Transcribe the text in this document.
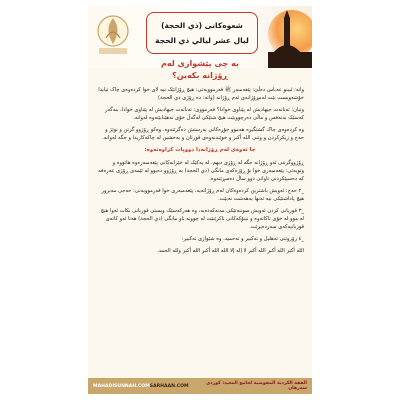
شعوەکانی (ذي الحجة)
ليال عشر ليالي ذي الحجة
بە چی پێشوازی لەم
ڕۆژانە بکەین؟

واتە: ئیبنو عەباس دەڵێ: پێغەمبەر ﷺ فەرموویەتی: هیچ ڕۆژانێک نیە لای خوا کردەوەی چاک تیایدا خۆشەویست بێت لەمڕۆژانەی ئەم ڕۆژانە (واتە: دە ڕۆژی ذي الحجة)

وتیان: تەنانەت جیهادیش لە پێناوی خوادا؟ فەرمووی: تەنانەت جیهادیش لە پێناوی خوادا، مەگەر کەسێک بەنەفس و ماڵی دەرچووبێت هیچ شتێکی لەگەڵ خۆی نەهێنابێتەوە لەوانە.

وە کردەوەی چاک گشتگیرە هەموو جۆرەکانی پەرستش دەگرێتەوە. وەکو ڕۆژوو گرتن و نوێژ و حەج و زیکرکردن و وتنی الله أکبر و خوێندنەوەی قورئان و بەخشین لە چاکەکاریدا و جگە لەوانە.

جا ئەوەی لەم ڕۆژانەدا دووپات کراوەتەوە:

ڕۆژووگرتنی ئەو ڕۆژانە جگە لە ڕۆژی دیهم. لە یەکێک لە خێزانەکانی پێغەمبەرەوە هاتووە و وتویەتی: پێغەمبەری خوا نۆ ڕۆژەکەی مانگی (ذي الحجة) بە ڕۆژوو دەبوو لە ئێمەی ڕۆژی عەرەفە کە دەسپێکردنی تاوانی دوو ساڵ دەسڕێتەوە.

_٢ حەج: ئەویش باشترین کردەوەکان لەم ڕۆژانەیە، پێغەمبەری خوا فەرموویەتی: حەجی مەبرور هیچ پاداشتێکی نیە تەنها بەهەشت نەبێت.

_٣ قوربانی کردن ئەویش سوننەتێکی مەنەکەدەیە، وە هەرکەسێک ویستی قوربانی بکات ئەوا هیچ لە موو لە خۆی ناکاتەوە و نینۆکەکانی ناکرێنێت لە چوونە ناو مانگی (ذي الحجة) هەتا ئەو کاتەی قوربانیەکەی سەردەبڕێت.

_٤ زۆروتنی تەهلیل و تەکبیر و تەحمید. وە شێوازی تەکبیر:

الله أکبر الله أکبر الله أکبر لا إله إلا الله الله أکبر الله أکبر ولله الحمد.

MAHADISUNNAH.COM SARHAAN.COM	الفقة الكردية المفوضية لجامع المعيد: کوردی سەرهان
